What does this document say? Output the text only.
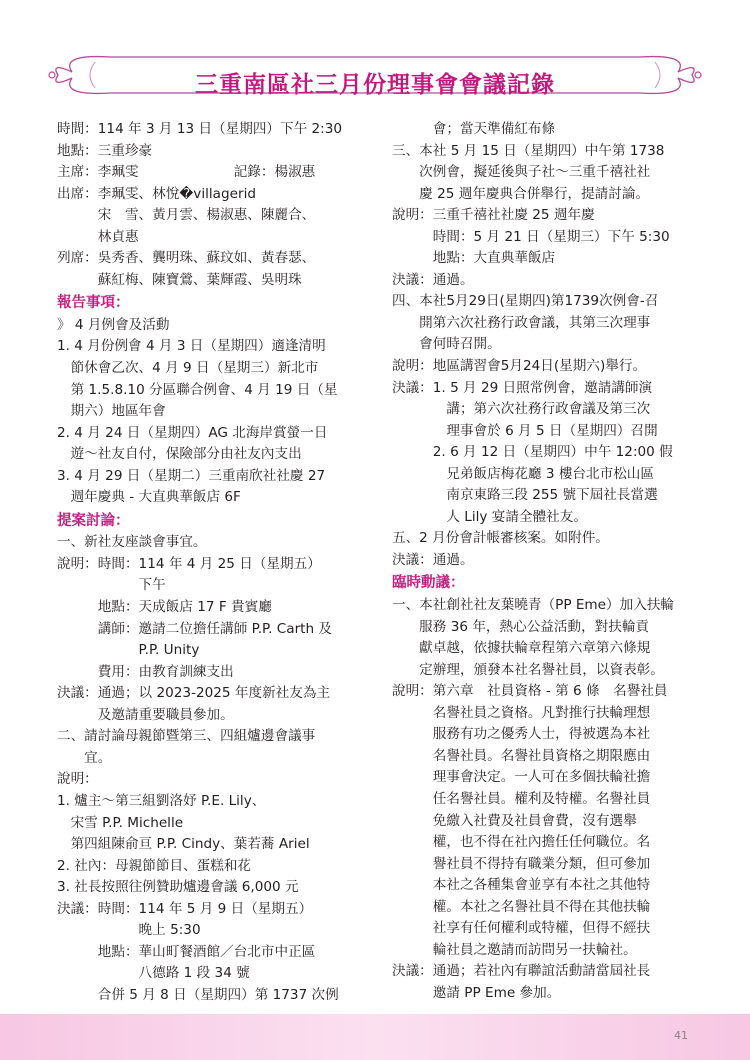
三重南區社三月份理事會會議記錄
時間：114 年 3 月 13 日（星期四）下午 2:30
地點：三重珍豪
主席：李珮雯　　　　　　　記錄：楊淑惠
出席：李珮雯、林悅�villagerid
　　　宋　雪、黃月雲、楊淑惠、陳麗合、
　　　林貞惠
列席：吳秀香、龔明珠、蘇玟如、黃春瑟、
　　　蘇紅梅、陳寶鶯、葉輝霞、吳明珠
報告事項：
》 4 月例會及活動
1. 4 月份例會 4 月 3 日（星期四）適逢清明
　節休會乙次、4 月 9 日（星期三）新北市
　第 1.5.8.10 分區聯合例會、4 月 19 日（星
　期六）地區年會
2. 4 月 24 日（星期四）AG 北海岸賞螢一日
　遊～社友自付，保險部分由社友內支出
3. 4 月 29 日（星期二）三重南欣社社慶 27
　週年慶典 - 大直典華飯店 6F
提案討論：
一、新社友座談會事宜。
說明：時間：114 年 4 月 25 日（星期五）
　　　　　　下午
　　　地點：天成飯店 17 F 貴賓廳
　　　講師：邀請二位擔任講師 P.P. Carth 及
　　　　　　P.P. Unity
　　　費用：由教育訓練支出
決議：通過；以 2023-2025 年度新社友為主
　　　及邀請重要職員參加。
二、請討論母親節暨第三、四組爐邊會議事
　　宜。
說明：
1. 爐主～第三組劉洛妤 P.E. Lily、
　宋雪 P.P. Michelle
　第四組陳俞亘 P.P. Cindy、葉若蕎 Ariel
2. 社內：母親節節目、蛋糕和花
3. 社長按照往例贊助爐邊會議 6,000 元
決議：時間：114 年 5 月 9 日（星期五）
　　　　　　晚上 5:30
　　　地點：華山町餐酒館／台北市中正區
　　　　　　八德路 1 段 34 號
　　　合併 5 月 8 日（星期四）第 1737 次例
　　　會；當天準備紅布條
三、本社 5 月 15 日（星期四）中午第 1738
　　次例會，擬延後與子社～三重千禧社社
　　慶 25 週年慶典合併舉行，提請討論。
說明：三重千禧社社慶 25 週年慶
　　　時間：5 月 21 日（星期三）下午 5:30
　　　地點：大直典華飯店
決議：通過。
四、本社5月29日(星期四)第1739次例會-召
　　開第六次社務行政會議，其第三次理事
　　會何時召開。
說明：地區講習會5月24日(星期六)舉行。
決議：1. 5 月 29 日照常例會，邀請講師演
　　　　講；第六次社務行政會議及第三次
　　　　理事會於 6 月 5 日（星期四）召開
　　　2. 6 月 12 日（星期四）中午 12:00 假
　　　　兄弟飯店梅花廳 3 樓台北市松山區
　　　　南京東路三段 255 號下屆社長當選
　　　　人 Lily 宴請全體社友。
五、2 月份會計帳審核案。如附件。
決議：通過。
臨時動議：
一、本社創社社友葉曉青（PP Eme）加入扶輪
　　服務 36 年，熱心公益活動，對扶輪貢
　　獻卓越，依據扶輪章程第六章第六條規
　　定辦理，頒發本社名譽社員，以資表彰。
說明：第六章　社員資格 - 第 6 條　名譽社員
　　　名譽社員之資格。凡對推行扶輪理想
　　　服務有功之優秀人士，得被選為本社
　　　名譽社員。名譽社員資格之期限應由
　　　理事會決定。一人可在多個扶輪社擔
　　　任名譽社員。權利及特權。名譽社員
　　　免繳入社費及社員會費，沒有選舉
　　　權，也不得在社內擔任任何職位。名
　　　譽社員不得持有職業分類，但可參加
　　　本社之各種集會並享有本社之其他特
　　　權。本社之名譽社員不得在其他扶輪
　　　社享有任何權利或特權，但得不經扶
　　　輪社員之邀請而訪問另一扶輪社。
決議：通過；若社內有聯誼活動請當屆社長
　　　邀請 PP Eme 參加。
41
